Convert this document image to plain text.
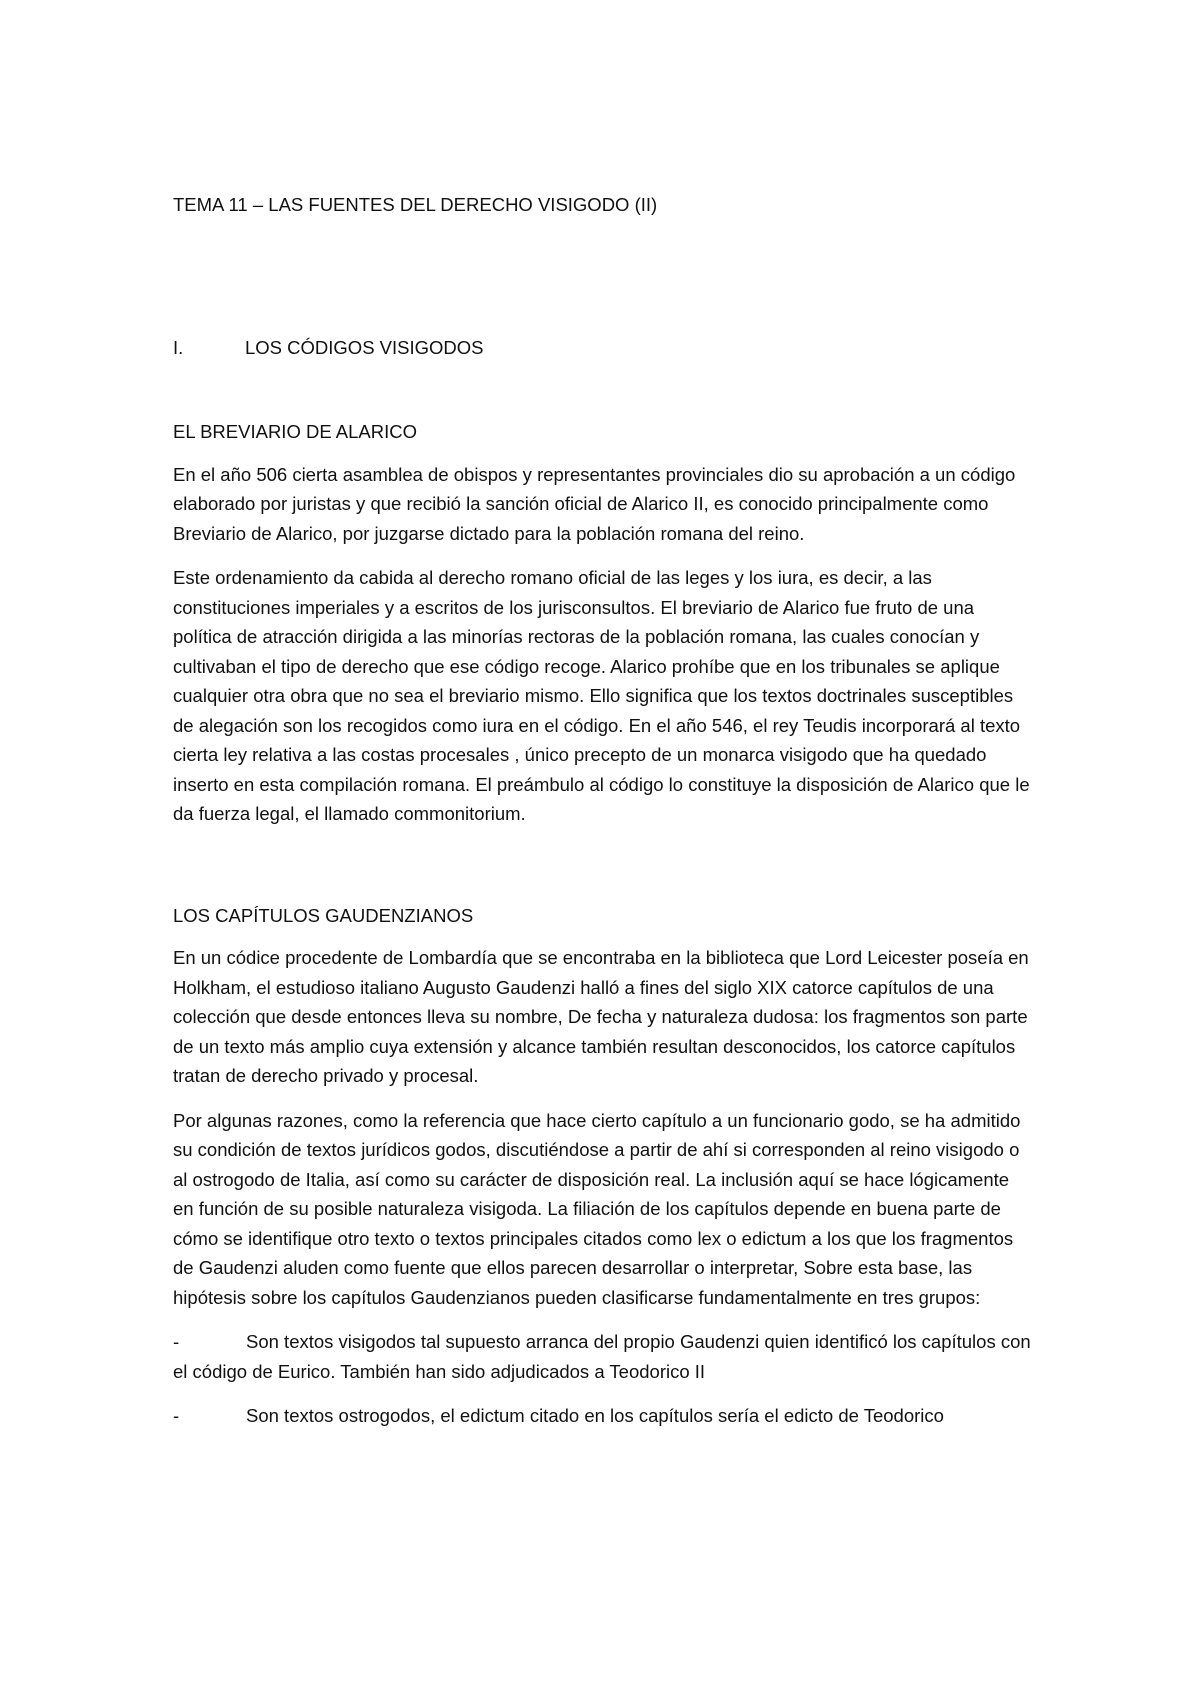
TEMA 11 – LAS FUENTES DEL DERECHO VISIGODO (II)

I.	LOS CÓDIGOS VISIGODOS

EL BREVIARIO DE ALARICO

En el año 506 cierta asamblea de obispos y representantes provinciales dio su aprobación a un código elaborado por juristas y que recibió la sanción oficial de Alarico II, es conocido principalmente como Breviario de Alarico, por juzgarse dictado para la población romana del reino.

Este ordenamiento da cabida al derecho romano oficial de las leges y los iura, es decir, a las constituciones imperiales y a escritos de los jurisconsultos. El breviario de Alarico fue fruto de una política de atracción dirigida a las minorías rectoras de la población romana, las cuales conocían y cultivaban el tipo de derecho que ese código recoge. Alarico prohíbe que en los tribunales se aplique cualquier otra obra que no sea el breviario mismo. Ello significa que los textos doctrinales susceptibles de alegación son los recogidos como iura en el código. En el año 546, el rey Teudis incorporará al texto cierta ley relativa a las costas procesales , único precepto de un monarca visigodo que ha quedado inserto en esta compilación romana. El preámbulo al código lo constituye la disposición de Alarico que le da fuerza legal, el llamado commonitorium.

LOS CAPÍTULOS GAUDENZIANOS

En un códice procedente de Lombardía que se encontraba en la biblioteca que Lord Leicester poseía en Holkham, el estudioso italiano Augusto Gaudenzi halló a fines del siglo XIX catorce capítulos de una colección que desde entonces lleva su nombre, De fecha y naturaleza dudosa: los fragmentos son parte de un texto más amplio cuya extensión y alcance también resultan desconocidos, los catorce capítulos tratan de derecho privado y procesal.

Por algunas razones, como la referencia que hace cierto capítulo a un funcionario godo, se ha admitido su condición de textos jurídicos godos, discutiéndose a partir de ahí si corresponden al reino visigodo o al ostrogodo de Italia, así como su carácter de disposición real. La inclusión aquí se hace lógicamente en función de su posible naturaleza visigoda. La filiación de los capítulos depende en buena parte de cómo se identifique otro texto o textos principales citados como lex o edictum a los que los fragmentos de Gaudenzi aluden como fuente que ellos parecen desarrollar o interpretar, Sobre esta base, las hipótesis sobre los capítulos Gaudenzianos pueden clasificarse fundamentalmente en tres grupos:

-	Son textos visigodos tal supuesto arranca del propio Gaudenzi quien identificó los capítulos con el código de Eurico. También han sido adjudicados a Teodorico II

-	Son textos ostrogodos, el edictum citado en los capítulos sería el edicto de Teodorico
